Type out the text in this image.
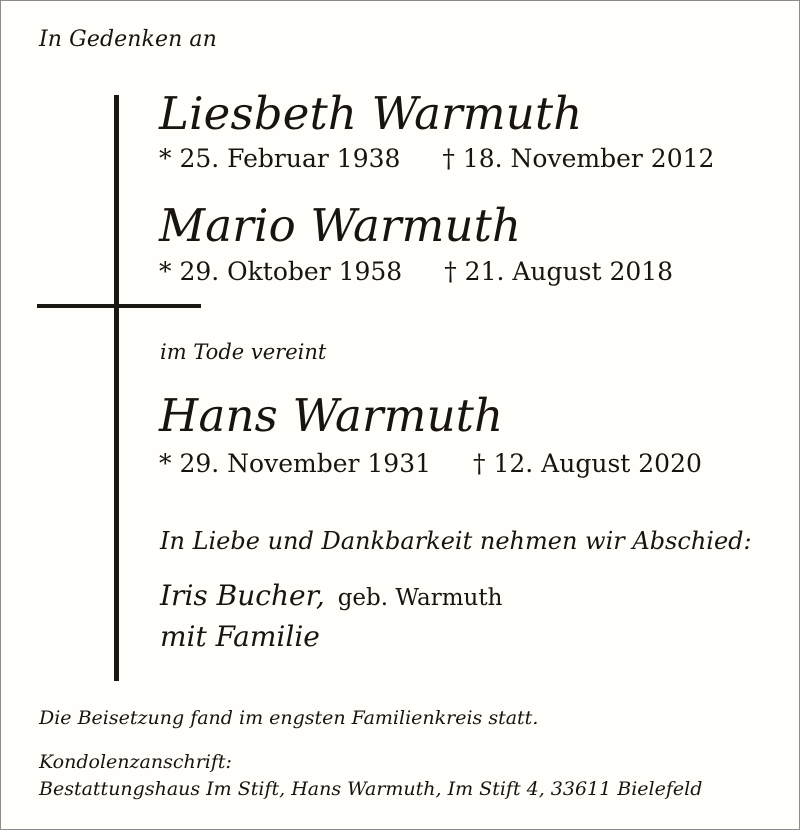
In Gedenken an
Liesbeth Warmuth
* 25. Februar 1938 † 18. November 2012
Mario Warmuth
* 29. Oktober 1958 † 21. August 2018
im Tode vereint
Hans Warmuth
* 29. November 1931 † 12. August 2020
In Liebe und Dankbarkeit nehmen wir Abschied:
Iris Bucher, geb. Warmuth
mit Familie
Die Beisetzung fand im engsten Familienkreis statt.
Kondolenzanschrift:
Bestattungshaus Im Stift, Hans Warmuth, Im Stift 4, 33611 Bielefeld
